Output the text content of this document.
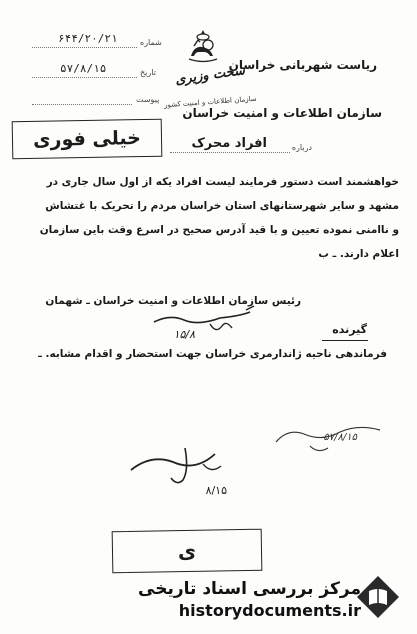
شماره
۶۴۴/۲۰/۲۱
تاریخ
۵۷/۸/۱۵
پیوست
سخت وزیری
ریاست شهربانی خراسان
سازمان اطلاعات و امنیت کشور
سازمان اطلاعات و امنیت خراسان
خیلی فوری	درباره
افراد محرک
خواهشمند است دستور فرمایند لیست افراد یکه از اول سال جاری در
مشهد و سایر شهرستانهای استان خراسان مردم را تحریک با غتشاش
و ناامنی نموده تعیین و با قید آدرس صحیح در اسرع وقت باین سازمان
اعلام دارند. ـ ب
رئیس سازمان اطلاعات و امنیت خراسان ـ شهمان
۱۵/۸	گیرنده
فرماندهی ناحیه ژاندارمری خراسان جهت استحضار و اقدام مشابه. ـ
۵۷/۸/۱۵
۸/۱۵
ی
مرکز بررسی اسناد تاریخی
historydocuments.ir
